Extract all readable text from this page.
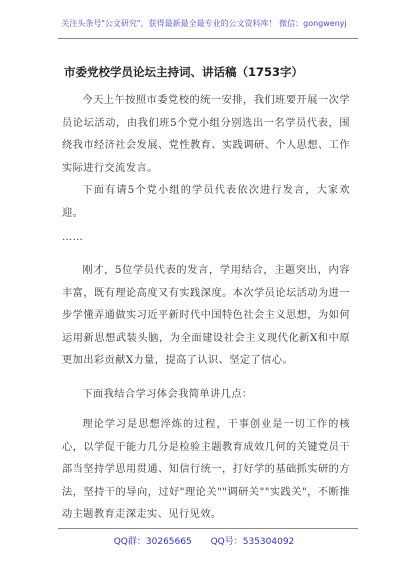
关注头条号"公文研究"，获得最新最全最专业的公文资料库！ 微信：gongwenyj
市委党校学员论坛主持词、讲话稿（1753字）
今天上午按照市委党校的统一安排，我们班要开展一次学员论坛活动，由我们班5个党小组分别选出一名学员代表，围绕我市经济社会发展、党性教育、实践调研、个人思想、工作实际进行交流发言。
下面有请5个党小组的学员代表依次进行发言，大家欢迎。
……
刚才，5位学员代表的发言，学用结合，主题突出，内容丰富，既有理论高度又有实践深度。本次学员论坛活动为进一步学懂弄通做实习近平新时代中国特色社会主义思想，为如何运用新思想武装头脑，为全面建设社会主义现代化新X和中原更加出彩贡献X力量，提高了认识、坚定了信心。
下面我结合学习体会我简单讲几点：
理论学习是思想淬炼的过程，干事创业是一切工作的核心，以学促干能力几分是检验主题教育成效几何的关键党员干部当坚持学思用贯通、知信行统一，打好学的基础抓实研的方法，坚持干的导向，过好"理论关""调研关""实践关"，不断推动主题教育走深走实、见行见效。
QQ群：30265665 QQ号：535304092
